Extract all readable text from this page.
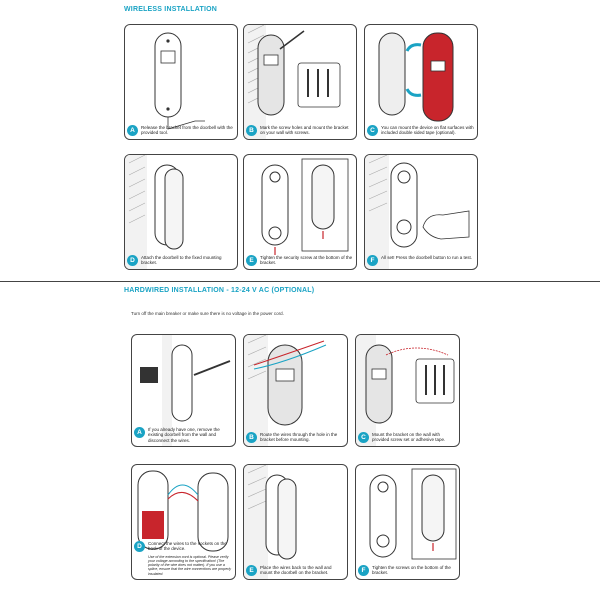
WIRELESS INSTALLATION
A	Release the bracket from the doorbell with the provided tool.	B	Mark the screw holes and mount the bracket on your wall with screws.	C	You can mount the device on flat surfaces with included double sided tape (optional).
D	Attach the doorbell to the fixed mounting bracket.	E	Tighten the security screw at the bottom of the bracket.	F	All set! Press the doorbell button to run a test.
HARDWIRED INSTALLATION - 12-24 V AC (OPTIONAL)
Turn off the main breaker or make sure there is no voltage in the power cord.
A	If you already have one, remove the existing doorbell from the wall and disconnect the wires.	B	Route the wires through the hole in the bracket before mounting.	C	Mount the bracket on the wall with provided screw set or adhesive tape.
D	Connect the wires to the sockets on the back of the device.
Use of the extension cord is optional. Please verify your voltage according to the specification! (The polarity of the wire does not matter). If you use a splice, ensure that the wire connections are properly insulated.	E	Place the wires back to the wall and mount the doorbell on the bracket.	F	Tighten the screws on the bottom of the bracket.
